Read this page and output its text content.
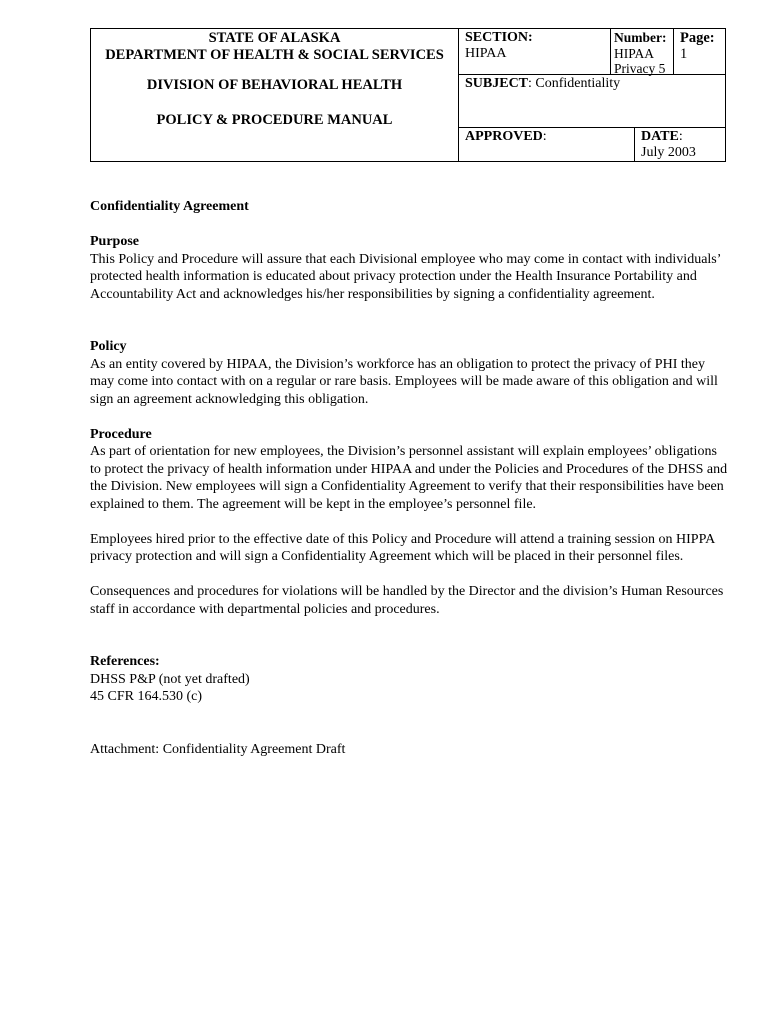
STATE OF ALASKA
DEPARTMENT OF HEALTH & SOCIAL SERVICES
DIVISION OF BEHAVIORAL HEALTH
POLICY & PROCEDURE MANUAL
SECTION:
HIPAA
Number:
HIPAA
Privacy 5
Page:
1
SUBJECT: Confidentiality
APPROVED:	DATE:
July 2003

Confidentiality Agreement

Purpose

This Policy and Procedure will assure that each Divisional employee who may come in contact with individuals’ protected health information is educated about privacy protection under the Health Insurance Portability and Accountability Act and acknowledges his/her responsibilities by signing a confidentiality agreement.

Policy

As an entity covered by HIPAA, the Division’s workforce has an obligation to protect the privacy of PHI they may come into contact with on a regular or rare basis. Employees will be made aware of this obligation and will sign an agreement acknowledging this obligation.

Procedure

As part of orientation for new employees, the Division’s personnel assistant will explain employees’ obligations to protect the privacy of health information under HIPAA and under the Policies and Procedures of the DHSS and the Division. New employees will sign a Confidentiality Agreement to verify that their responsibilities have been explained to them. The agreement will be kept in the employee’s personnel file.

Employees hired prior to the effective date of this Policy and Procedure will attend a training session on HIPPA privacy protection and will sign a Confidentiality Agreement which will be placed in their personnel files.

Consequences and procedures for violations will be handled by the Director and the division’s Human Resources staff in accordance with departmental policies and procedures.

References:

DHSS P&P (not yet drafted)

45 CFR 164.530 (c)

Attachment: Confidentiality Agreement Draft
